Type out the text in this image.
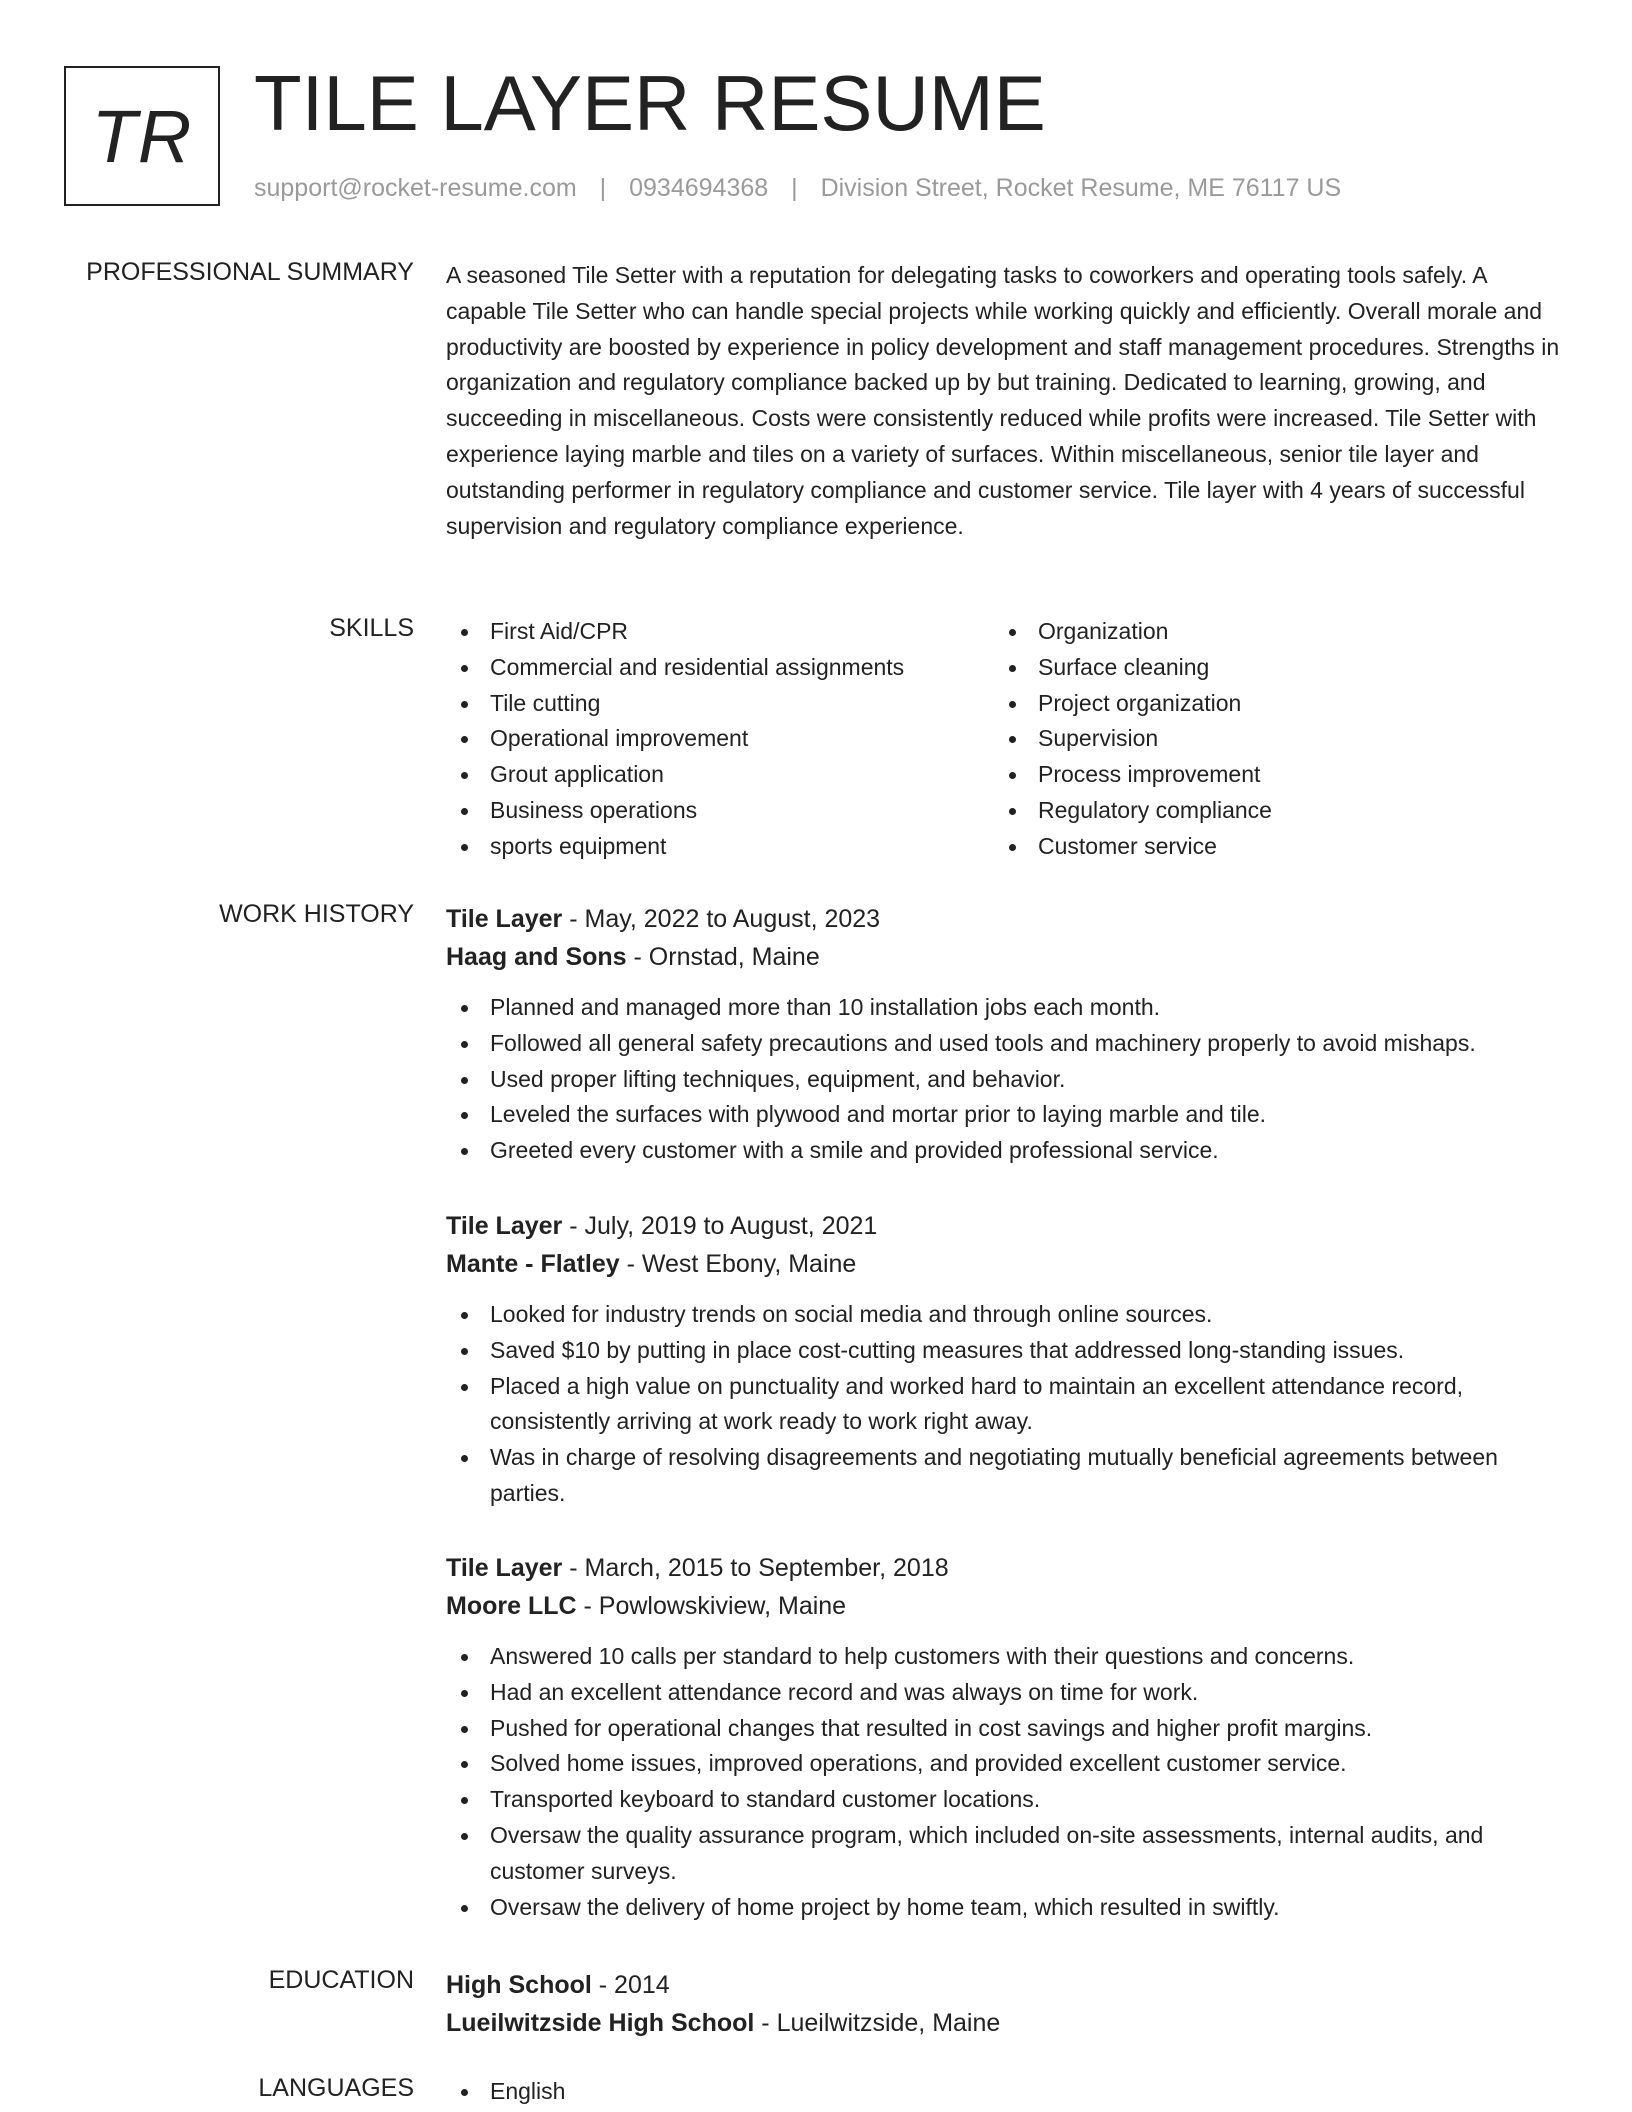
TR TILE LAYER RESUME
support@rocket-resume.com | 0934694368 | Division Street, Rocket Resume, ME 76117 US
PROFESSIONAL SUMMARY A seasoned Tile Setter with a reputation for delegating tasks to coworkers and operating tools safely. A capable Tile Setter who can handle special projects while working quickly and efficiently. Overall morale and productivity are boosted by experience in policy development and staff management procedures. Strengths in organization and regulatory compliance backed up by but training. Dedicated to learning, growing, and succeeding in miscellaneous. Costs were consistently reduced while profits were increased. Tile Setter with experience laying marble and tiles on a variety of surfaces. Within miscellaneous, senior tile layer and outstanding performer in regulatory compliance and customer service. Tile layer with 4 years of successful supervision and regulatory compliance experience.

SKILLS	First Aid/CPR
Commercial and residential assignments
Tile cutting
Operational improvement
Grout application
Business operations
sports equipment
Organization
Surface cleaning
Project organization
Supervision
Process improvement
Regulatory compliance
Customer service
WORK HISTORY Tile Layer - May, 2022 to August, 2023
Haag and Sons - Ornstad, Maine
Planned and managed more than 10 installation jobs each month.
Followed all general safety precautions and used tools and machinery properly to avoid mishaps.
Used proper lifting techniques, equipment, and behavior.
Leveled the surfaces with plywood and mortar prior to laying marble and tile.
Greeted every customer with a smile and provided professional service.
Tile Layer - July, 2019 to August, 2021
Mante - Flatley - West Ebony, Maine
Looked for industry trends on social media and through online sources.
Saved $10 by putting in place cost-cutting measures that addressed long-standing issues.
Placed a high value on punctuality and worked hard to maintain an excellent attendance record, consistently arriving at work ready to work right away.
Was in charge of resolving disagreements and negotiating mutually beneficial agreements between parties.
Tile Layer - March, 2015 to September, 2018
Moore LLC - Powlowskiview, Maine
Answered 10 calls per standard to help customers with their questions and concerns.
Had an excellent attendance record and was always on time for work.
Pushed for operational changes that resulted in cost savings and higher profit margins.
Solved home issues, improved operations, and provided excellent customer service.
Transported keyboard to standard customer locations.
Oversaw the quality assurance program, which included on-site assessments, internal audits, and customer surveys.
Oversaw the delivery of home project by home team, which resulted in swiftly.
EDUCATION High School - 2014
Lueilwitzside High School - Lueilwitzside, Maine
LANGUAGES	English
